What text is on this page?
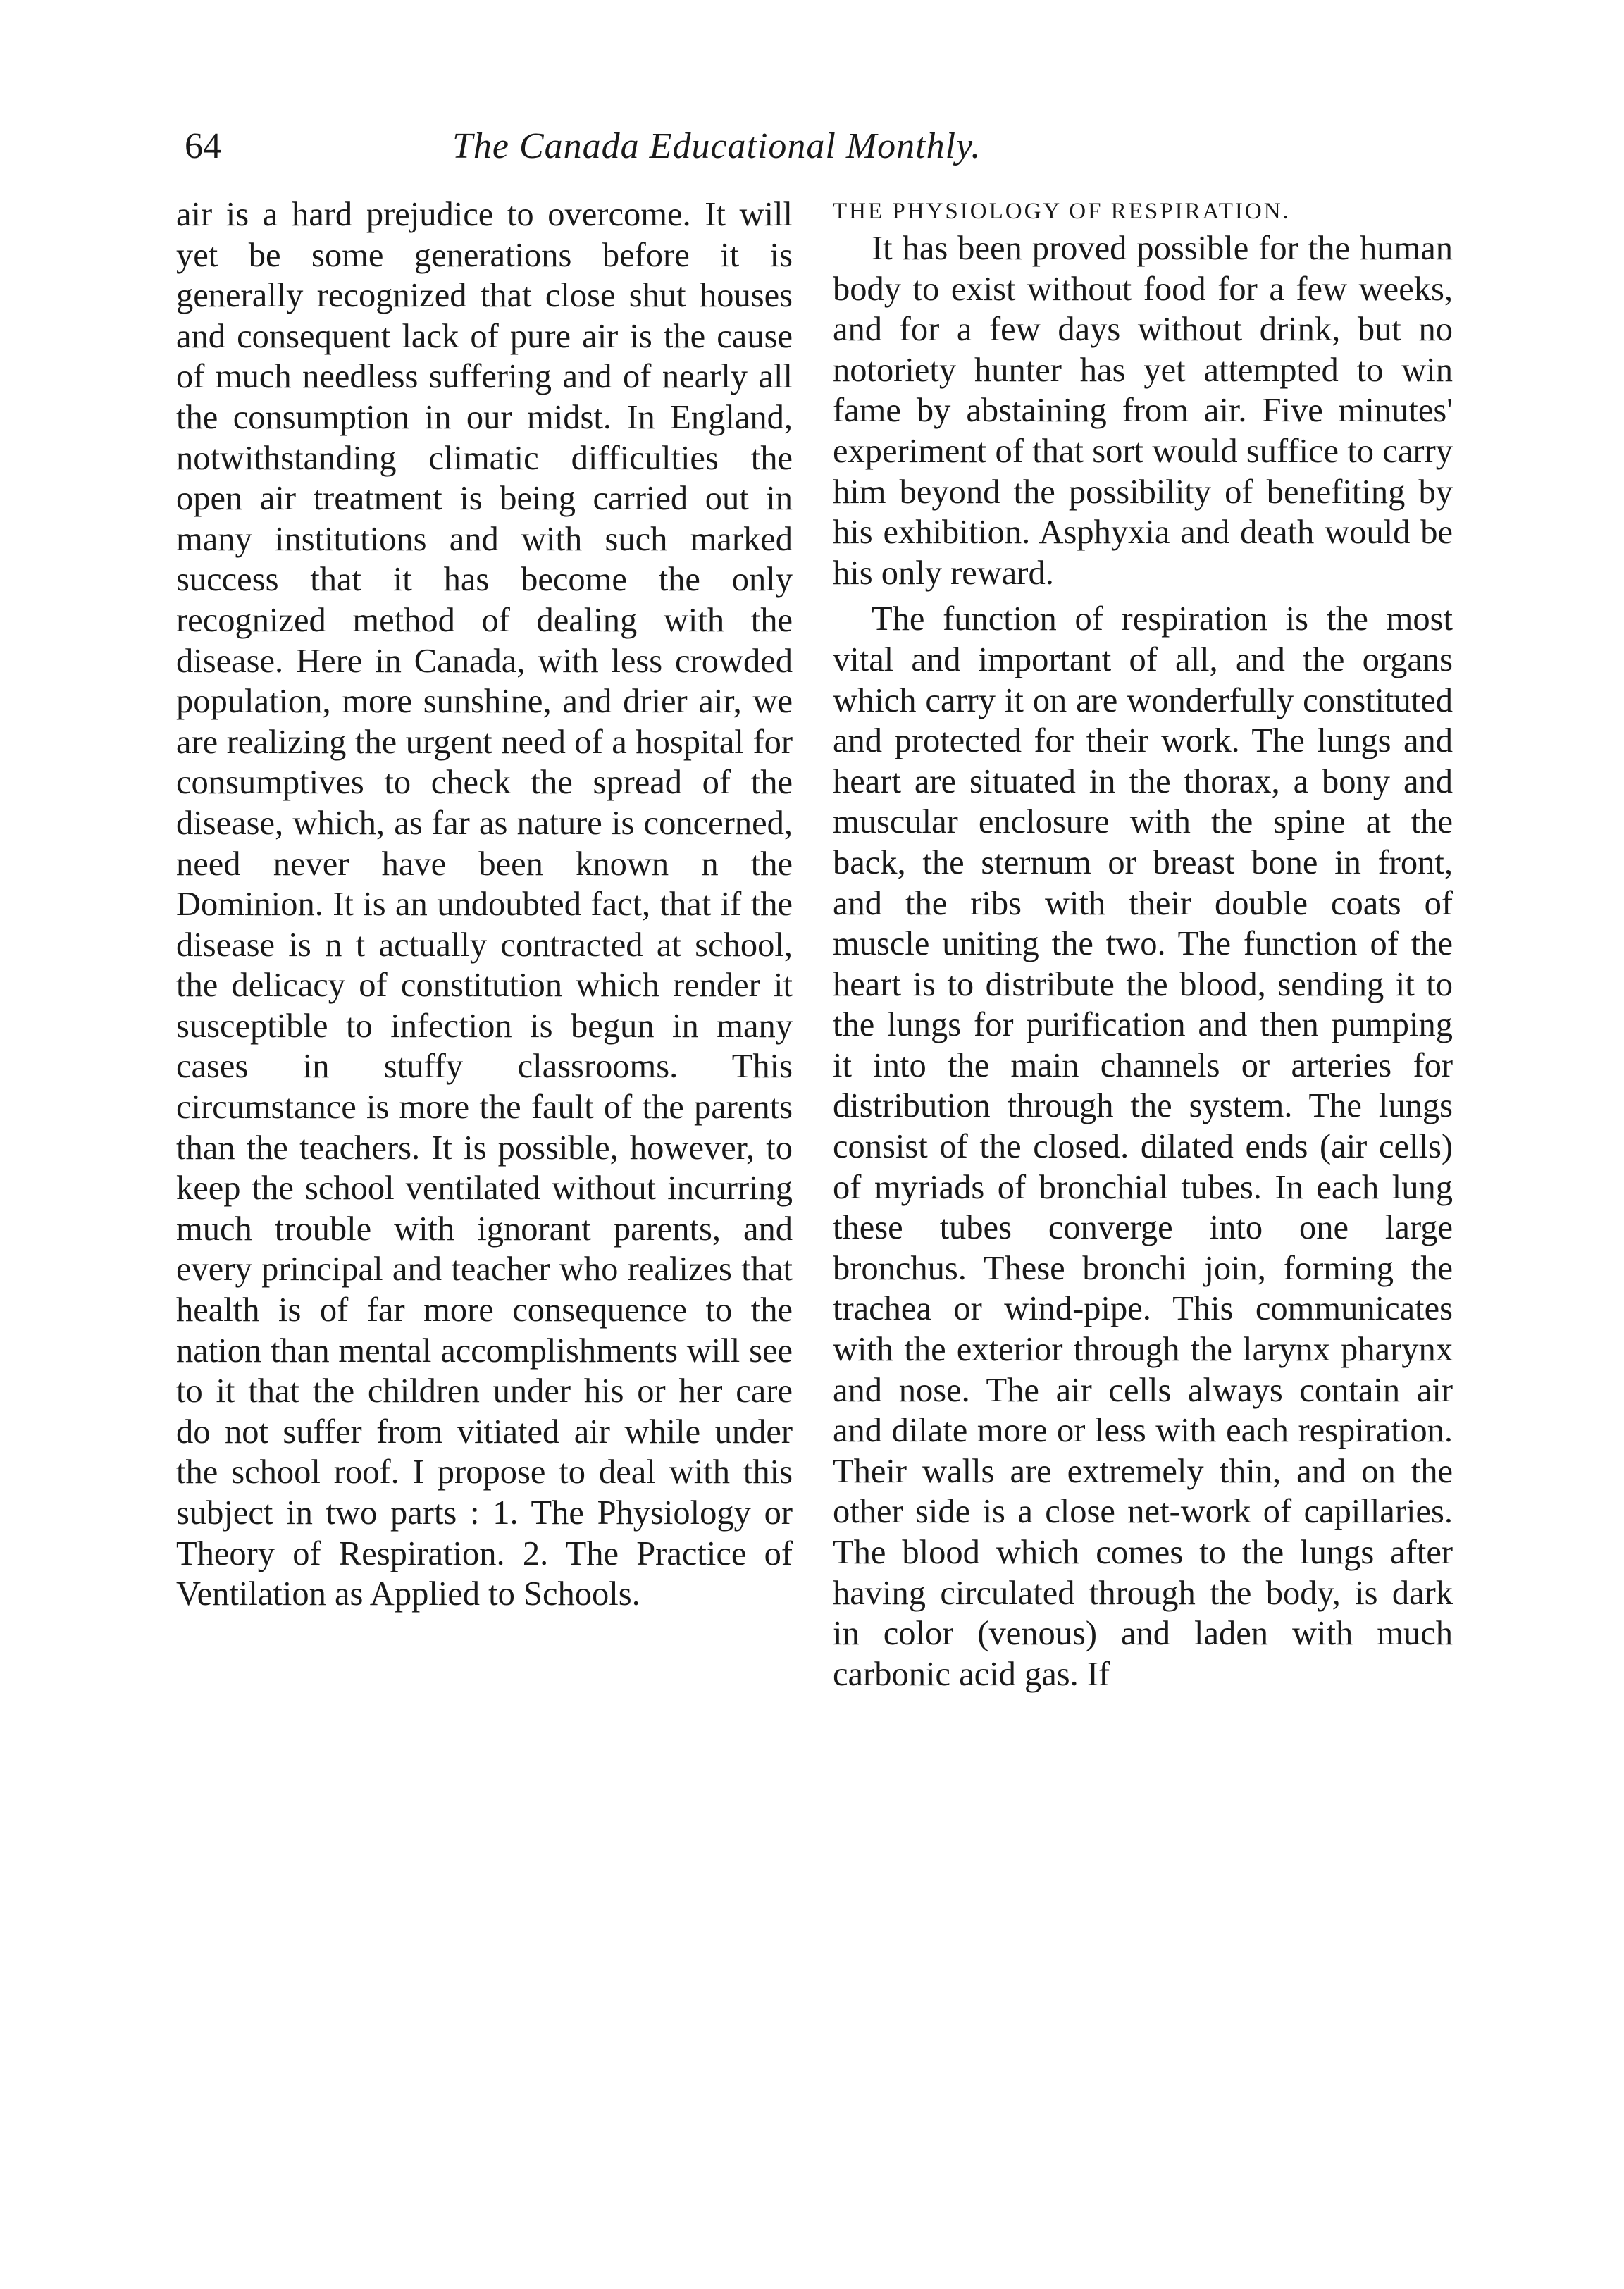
64	The Canada Educational Monthly.

air is a hard prejudice to overcome. It will yet be some generations before it is generally recognized that close shut houses and consequent lack of pure air is the cause of much needless suffering and of nearly all the consumption in our midst. In England, notwithstanding climatic difficulties the open air treatment is being carried out in many institutions and with such marked success that it has become the only recognized method of dealing with the disease. Here in Canada, with less crowded population, more sunshine, and drier air, we are realizing the urgent need of a hospital for consumptives to check the spread of the disease, which, as far as nature is concerned, need never have been known n the Dominion. It is an undoubted fact, that if the disease is n t actually contracted at school, the delicacy of constitution which render it susceptible to infection is begun in many cases in stuffy classrooms. This circumstance is more the fault of the parents than the teachers. It is possible, however, to keep the school ventilated without incurring much trouble with ignorant parents, and every principal and teacher who realizes that health is of far more consequence to the nation than mental accomplishments will see to it that the children under his or her care do not suffer from vitiated air while under the school roof. I propose to deal with this subject in two parts : 1. The Physiology or Theory of Respiration. 2. The Practice of Ventilation as Applied to Schools.

THE PHYSIOLOGY OF RESPIRATION.

It has been proved possible for the human body to exist without food for a few weeks, and for a few days without drink, but no notoriety hunter has yet attempted to win fame by abstaining from air. Five minutes' experiment of that sort would suffice to carry him beyond the possibility of benefiting by his exhibition. Asphyxia and death would be his only reward.

The function of respiration is the most vital and important of all, and the organs which carry it on are wonderfully constituted and protected for their work. The lungs and heart are situated in the thorax, a bony and muscular enclosure with the spine at the back, the sternum or breast bone in front, and the ribs with their double coats of muscle uniting the two. The function of the heart is to distribute the blood, sending it to the lungs for purification and then pumping it into the main channels or arteries for distribution through the system. The lungs consist of the closed. dilated ends (air cells) of myriads of bronchial tubes. In each lung these tubes converge into one large bronchus. These bronchi join, forming the trachea or wind-pipe. This communicates with the exterior through the larynx pharynx and nose. The air cells always contain air and dilate more or less with each respiration. Their walls are extremely thin, and on the other side is a close net-work of capillaries. The blood which comes to the lungs after having circulated through the body, is dark in color (venous) and laden with much carbonic acid gas. If
